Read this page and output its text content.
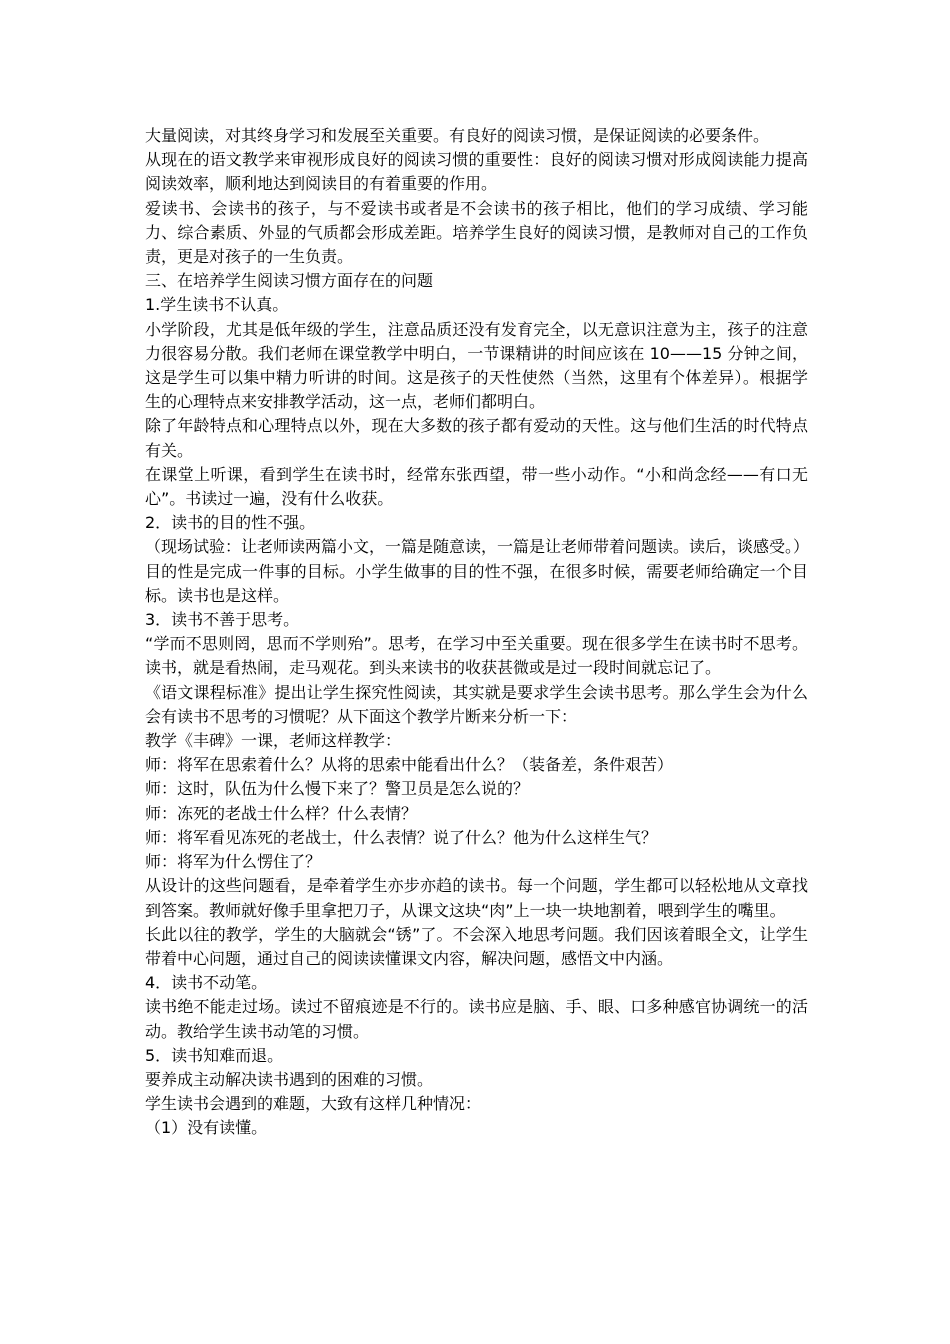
大量阅读，对其终身学习和发展至关重要。有良好的阅读习惯，是保证阅读的必要条件。

从现在的语文教学来审视形成良好的阅读习惯的重要性：良好的阅读习惯对形成阅读能力提高阅读效率，顺利地达到阅读目的有着重要的作用。

爱读书、会读书的孩子，与不爱读书或者是不会读书的孩子相比，他们的学习成绩、学习能力、综合素质、外显的气质都会形成差距。培养学生良好的阅读习惯，是教师对自己的工作负责，更是对孩子的一生负责。

三、在培养学生阅读习惯方面存在的问题

1.学生读书不认真。

小学阶段，尤其是低年级的学生，注意品质还没有发育完全，以无意识注意为主，孩子的注意力很容易分散。我们老师在课堂教学中明白，一节课精讲的时间应该在 10——15 分钟之间，这是学生可以集中精力听讲的时间。这是孩子的天性使然（当然，这里有个体差异）。根据学生的心理特点来安排教学活动，这一点，老师们都明白。

除了年龄特点和心理特点以外，现在大多数的孩子都有爱动的天性。这与他们生活的时代特点有关。

在课堂上听课，看到学生在读书时，经常东张西望，带一些小动作。“小和尚念经——有口无心”。书读过一遍，没有什么收获。

2．读书的目的性不强。

（现场试验：让老师读两篇小文，一篇是随意读，一篇是让老师带着问题读。读后，谈感受。）

目的性是完成一件事的目标。小学生做事的目的性不强，在很多时候，需要老师给确定一个目标。读书也是这样。

3．读书不善于思考。

“学而不思则罔，思而不学则殆”。思考，在学习中至关重要。现在很多学生在读书时不思考。读书，就是看热闹，走马观花。到头来读书的收获甚微或是过一段时间就忘记了。

《语文课程标准》提出让学生探究性阅读，其实就是要求学生会读书思考。那么学生会为什么会有读书不思考的习惯呢？从下面这个教学片断来分析一下：

教学《丰碑》一课，老师这样教学：

师：将军在思索着什么？从将的思索中能看出什么？（装备差，条件艰苦）

师：这时，队伍为什么慢下来了？警卫员是怎么说的？

师：冻死的老战士什么样？什么表情？

师：将军看见冻死的老战士，什么表情？说了什么？他为什么这样生气？

师：将军为什么愣住了？

从设计的这些问题看，是牵着学生亦步亦趋的读书。每一个问题，学生都可以轻松地从文章找到答案。教师就好像手里拿把刀子，从课文这块“肉”上一块一块地割着，喂到学生的嘴里。

长此以往的教学，学生的大脑就会“锈”了。不会深入地思考问题。我们因该着眼全文，让学生带着中心问题，通过自己的阅读读懂课文内容，解决问题，感悟文中内涵。

4．读书不动笔。

读书绝不能走过场。读过不留痕迹是不行的。读书应是脑、手、眼、口多种感官协调统一的活动。教给学生读书动笔的习惯。

5．读书知难而退。

要养成主动解决读书遇到的困难的习惯。

学生读书会遇到的难题，大致有这样几种情况：

（1）没有读懂。
